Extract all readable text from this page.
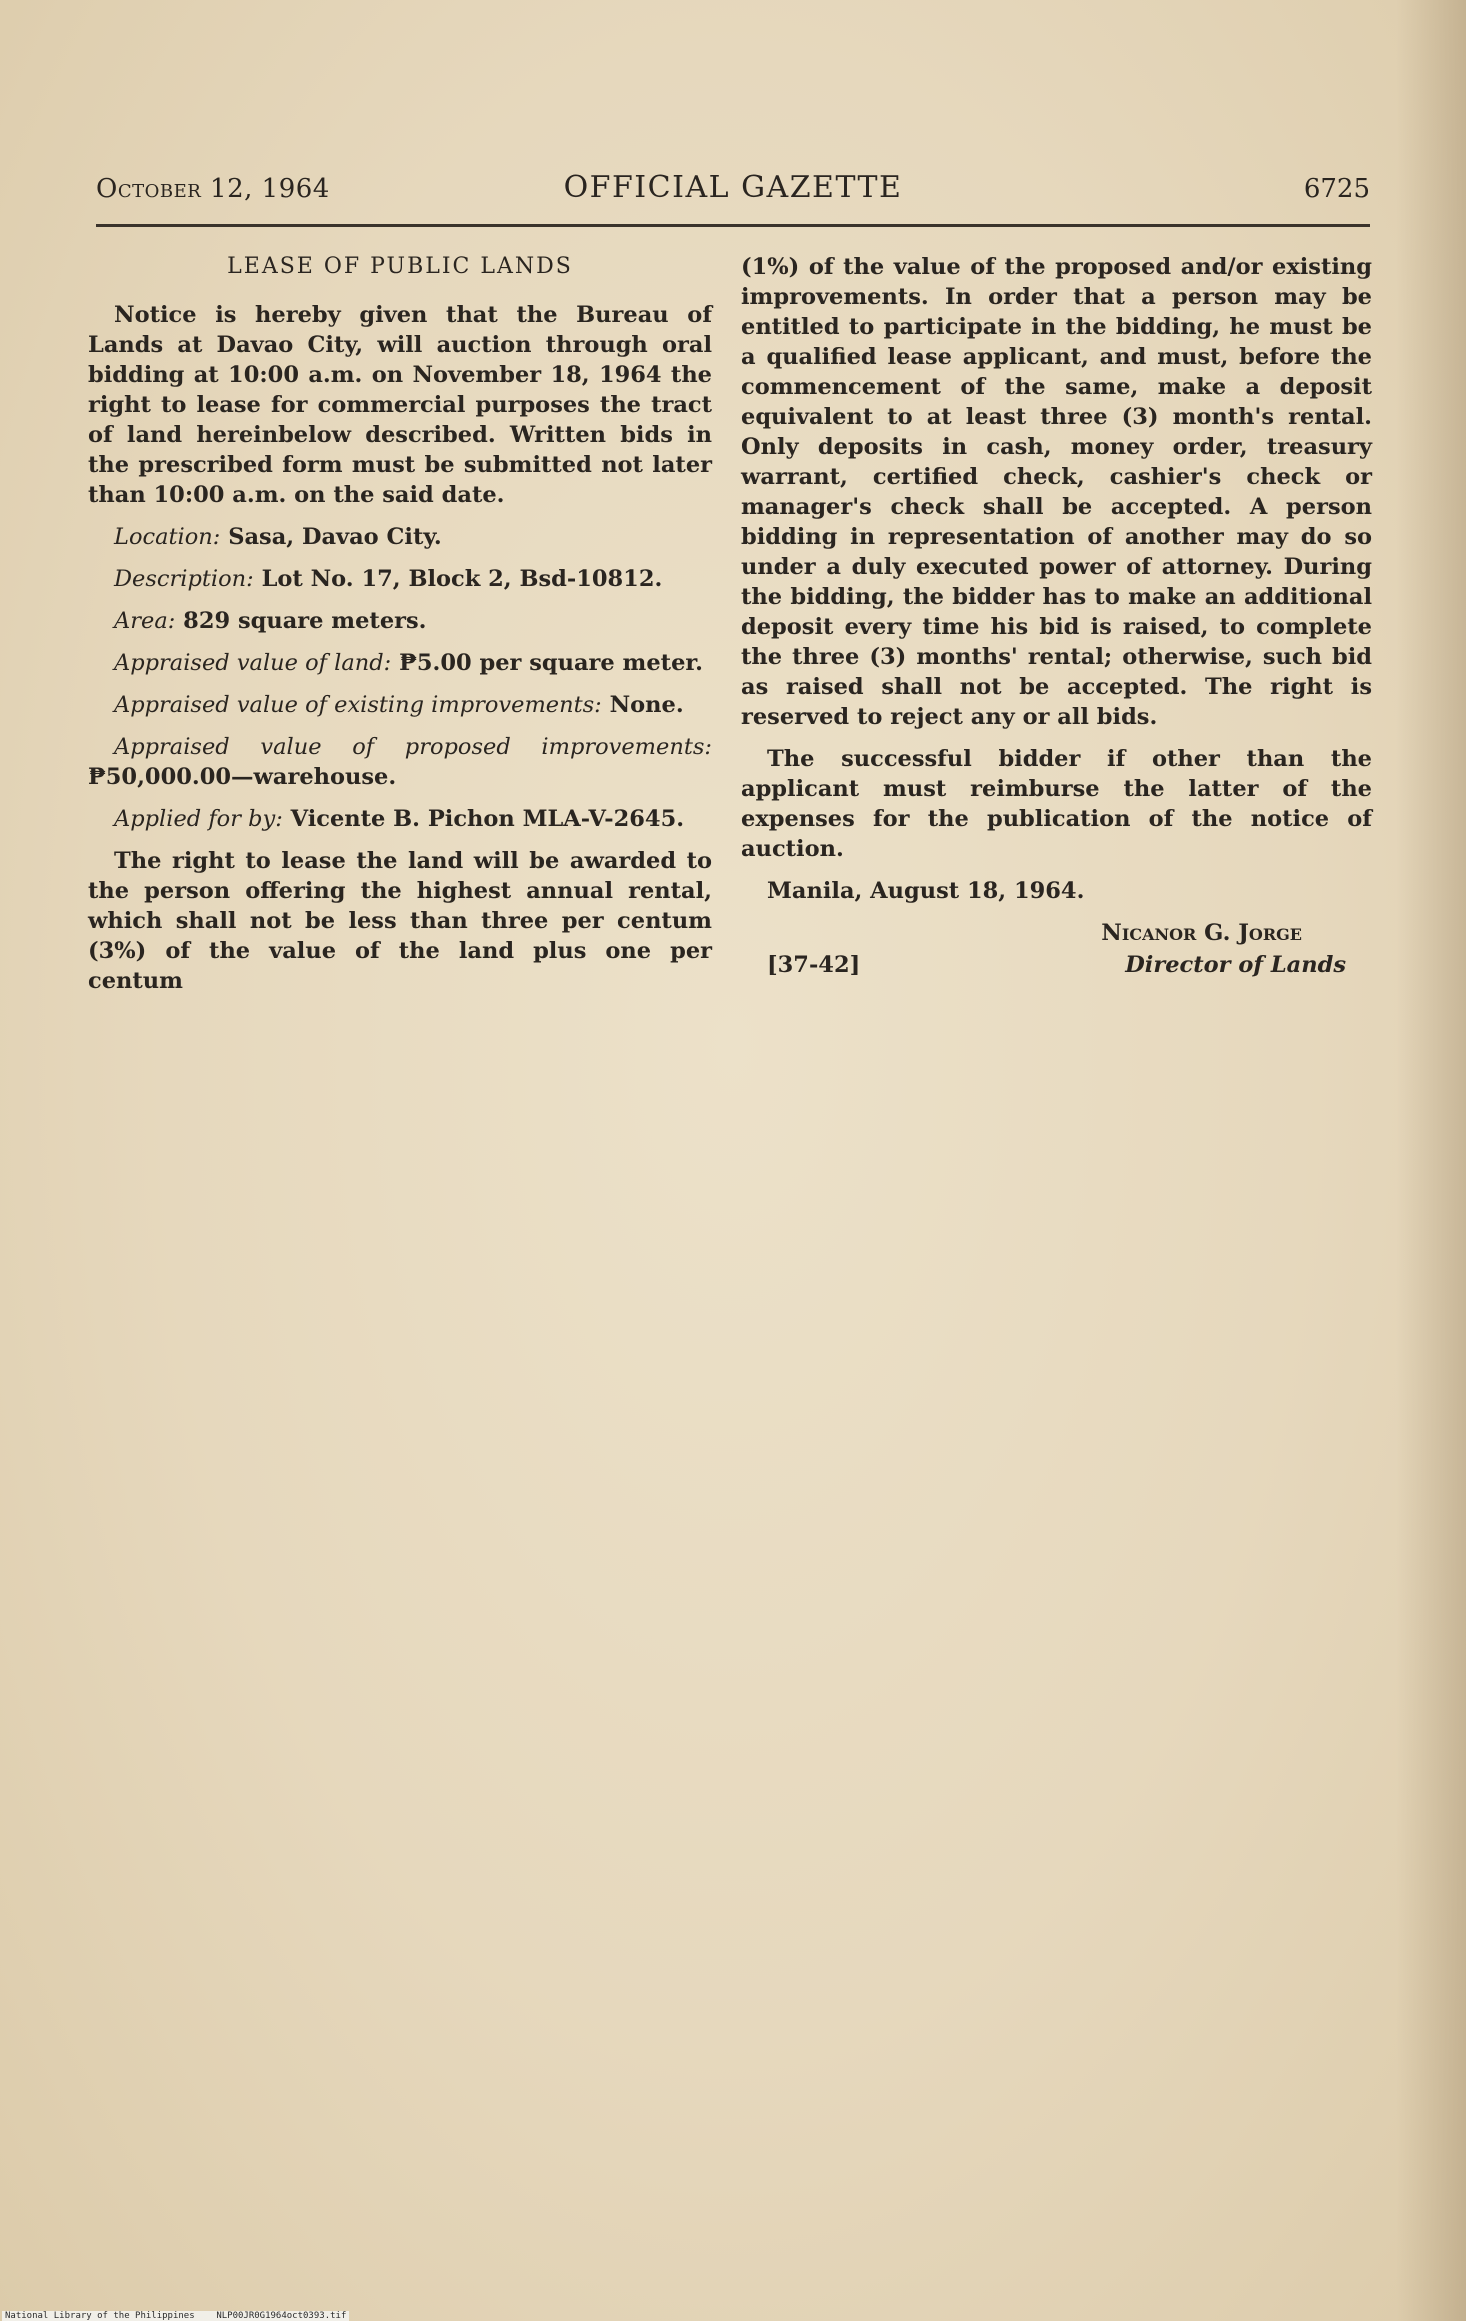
October 12, 1964	OFFICIAL GAZETTE	6725
LEASE OF PUBLIC LANDS

Notice is hereby given that the Bureau of Lands at Davao City, will auction through oral bidding at 10:00 a.m. on November 18, 1964 the right to lease for commercial purposes the tract of land hereinbelow described. Written bids in the prescribed form must be submitted not later than 10:00 a.m. on the said date.

Location: Sasa, Davao City.

Description: Lot No. 17, Block 2, Bsd-10812.

Area: 829 square meters.

Appraised value of land: ₱5.00 per square meter.

Appraised value of existing improvements: None.

Appraised value of proposed improvements: ₱50,000.00—warehouse.

Applied for by: Vicente B. Pichon MLA-V-2645.

The right to lease the land will be awarded to the person offering the highest annual rental, which shall not be less than three per centum (3%) of the value of the land plus one per centum

(1%) of the value of the proposed and/or existing improvements. In order that a person may be entitled to participate in the bidding, he must be a qualified lease applicant, and must, before the commencement of the same, make a deposit equivalent to at least three (3) month's rental. Only deposits in cash, money order, treasury warrant, certified check, cashier's check or manager's check shall be accepted. A person bidding in representation of another may do so under a duly executed power of attorney. During the bidding, the bidder has to make an additional deposit every time his bid is raised, to complete the three (3) months' rental; otherwise, such bid as raised shall not be accepted. The right is reserved to reject any or all bids.

The successful bidder if other than the applicant must reimburse the latter of the expenses for the publication of the notice of auction.

Manila, August 18, 1964.

Nicanor G. Jorge
[37-42]	Director of Lands
National Library of the Philippines    NLP00JR0G1964oct0393.tif
